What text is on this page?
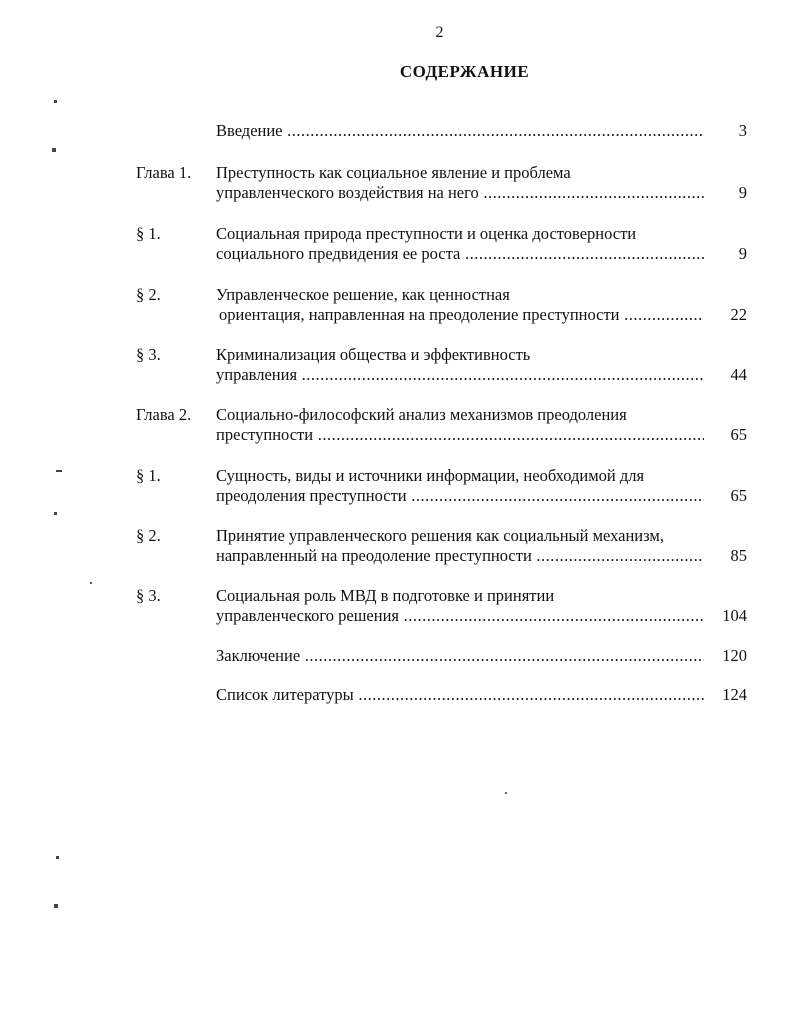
2
СОДЕРЖАНИЕ
Введение .....	3
Глава 1. Преступность как социальное явление и проблема
управленческого воздействия на него .....	9
§ 1.	Социальная природа преступности и оценка достоверности
социального предвидения ее роста .....	9
§ 2.	Управленческое решение, как ценностная
ориентация, направленная на преодоление преступности .....	22
§ 3.	Криминализация общества и эффективность
управления .....	44
Глава 2. Социально-философский анализ механизмов преодоления
преступности .....	65
§ 1.	Сущность, виды и источники информации, необходимой для
преодоления преступности .....	65
§ 2.	Принятие управленческого решения как социальный механизм,
направленный на преодоление преступности .....	85
§ 3.	Социальная роль МВД в подготовке и принятии
управленческого решения .....	104
Заключение .....	120
Список литературы .....	124
